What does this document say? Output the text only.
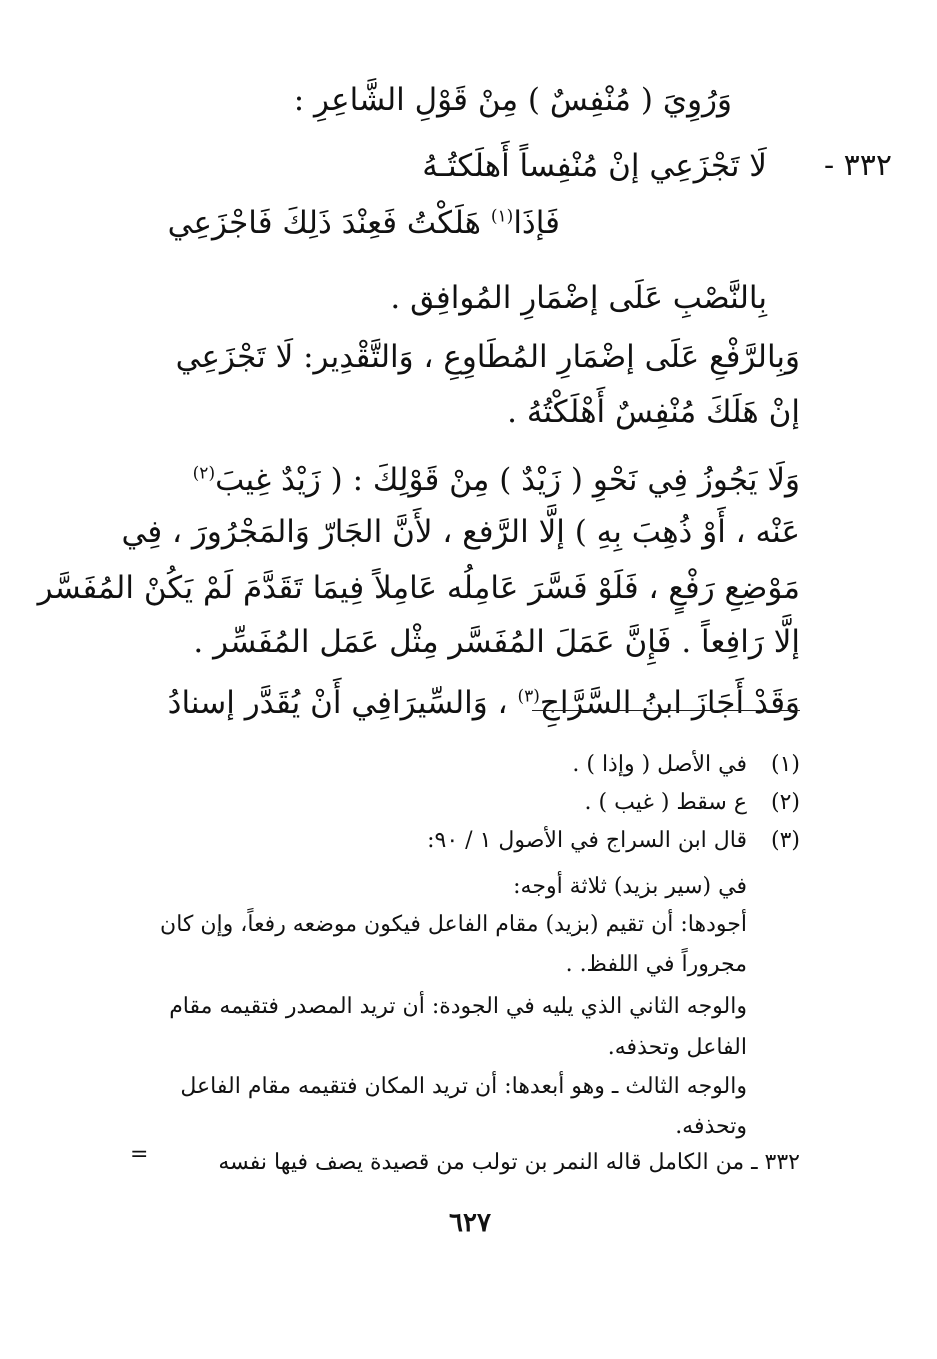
وَرُوِيَ ( مُنْفِسٌ ) مِنْ قَوْلِ الشَّاعِرِ :
٣٣٢ -
لَا تَجْزَعِي إنْ مُنْفِساً أَهلَكتُـهُ
فَإذَا$^{(١)}$ هَلَكْتُ فَعِنْدَ ذَلِكَ فَاجْزَعِي
بِالنَّصْبِ عَلَى إضْمَارِ المُوافِق .
وَبِالرَّفْعِ عَلَى إضْمَارِ المُطَاوِعِ ، وَالتَّقْدِير: لَا تَجْزَعِي
إنْ هَلَكَ مُنْفِسٌ أَهْلَكْتُهُ .
وَلَا يَجُوزُ فِي نَحْوِ ( زَيْدٌ ) مِنْ قَوْلِكَ : ( زَيْدٌ غِيبَ$^{(٢)}$
عَنْه ، أَوْ ذُهِبَ بِهِ ) إلَّا الرَّفع ، لأَنَّ الجَارّ وَالمَجْرُورَ ، فِي
مَوْضِعِ رَفْعٍ ، فَلَوْ فَسَّرَ عَامِلُه عَامِلاً فِيمَا تَقَدَّمَ لَمْ يَكُنْ المُفَسَّر
إلَّا رَافِعاً . فَإِنَّ عَمَلَ المُفَسَّر مِثْل عَمَل المُفَسِّر .
وَقَدْ أَجَازَ ابنُ السَّرَّاجِ$^{(٣)}$ ، وَالسِّيرَافِي أَنْ يُقَدَّر إسنادُ
(١)
في الأصل ( وإذا ) .
(٢)
ع سقط ( غيب ) .
(٣)
قال ابن السراج في الأصول ١ / ٩٠:
في (سير بزيد) ثلاثة أوجه:
أجودها: أن تقيم (بزيد) مقام الفاعل فيكون موضعه رفعاً، وإن كان
مجروراً في اللفظ. .
والوجه الثاني الذي يليه في الجودة: أن تريد المصدر فتقيمه مقام
الفاعل وتحذفه.
والوجه الثالث ـ وهو أبعدها: أن تريد المكان فتقيمه مقام الفاعل
وتحذفه.
٣٣٢ ـ من الكامل قاله النمر بن تولب من قصيدة يصف فيها نفسه
=
٦٢٧
